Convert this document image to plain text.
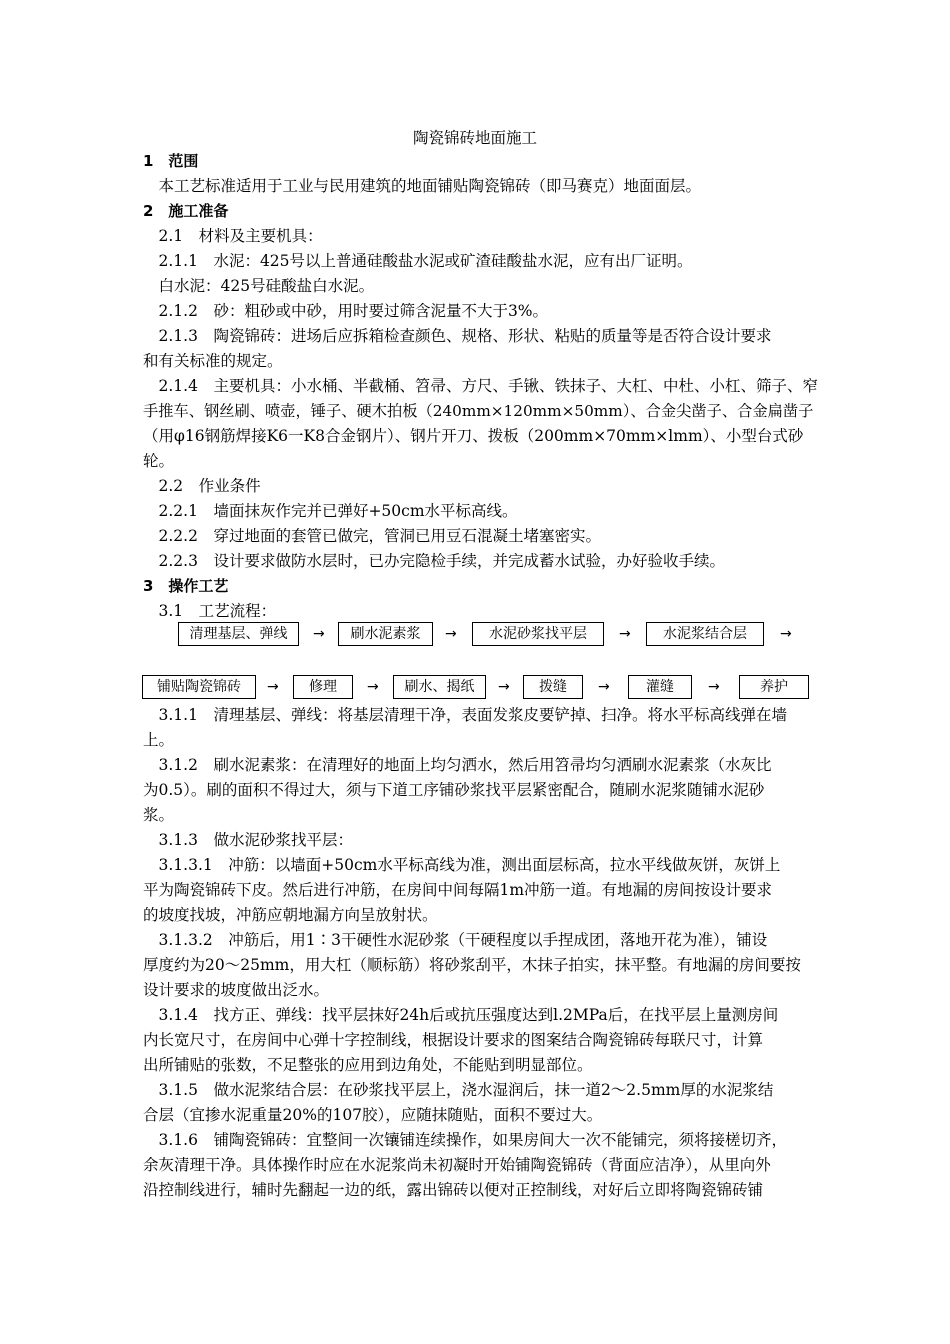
陶瓷锦砖地面施工
1　范围
　本工艺标准适用于工业与民用建筑的地面铺贴陶瓷锦砖（即马赛克）地面面层。
2　施工准备
　2.1　材料及主要机具：
　2.1.1　水泥：425号以上普通硅酸盐水泥或矿渣硅酸盐水泥，应有出厂证明。
　白水泥：425号硅酸盐白水泥。
　2.1.2　砂：粗砂或中砂，用时要过筛含泥量不大于3%。
　2.1.3　陶瓷锦砖：进场后应拆箱检查颜色、规格、形状、粘贴的质量等是否符合设计要求
和有关标准的规定。
　2.1.4　主要机具：小水桶、半截桶、笤帚、方尺、手锹、铁抹子、大杠、中杜、小杠、筛子、窄
手推车、钢丝刷、喷壶，锤子、硬木拍板（240mm×120mm×50mm）、合金尖凿子、合金扁凿子
（用φ16钢筋焊接K6一K8合金钢片）、钢片开刀、拨板（200mm×70mm×lmm）、小型台式砂
轮。
　2.2　作业条件
　2.2.1　墙面抹灰作完并已弹好+50cm水平标高线。
　2.2.2　穿过地面的套管已做完，管洞已用豆石混凝土堵塞密实。
　2.2.3　设计要求做防水层时，已办完隐检手续，并完成蓄水试验，办好验收手续。
3　操作工艺
　3.1　工艺流程：
清理基层、弹线	→	刷水泥素浆	→	水泥砂浆找平层	→	水泥浆结合层	→
铺贴陶瓷锦砖	→	修理	→	刷水、揭纸	→	拨缝	→	灌缝	→	养护
　3.1.1　清理基层、弹线：将基层清理干净，表面发浆皮要铲掉、扫净。将水平标高线弹在墙
上。
　3.1.2　刷水泥素浆：在清理好的地面上均匀洒水，然后用笤帚均匀洒刷水泥素浆（水灰比
为0.5）。刷的面积不得过大，须与下道工序铺砂浆找平层紧密配合，随刷水泥浆随铺水泥砂
浆。
　3.1.3　做水泥砂浆找平层：
　3.1.3.1　冲筋：以墙面+50cm水平标高线为准，测出面层标高，拉水平线做灰饼，灰饼上
平为陶瓷锦砖下皮。然后进行冲筋，在房间中间每隔1m冲筋一道。有地漏的房间按设计要求
的坡度找坡，冲筋应朝地漏方向呈放射状。
　3.1.3.2　冲筋后，用1∶3干硬性水泥砂浆（干硬程度以手捏成团，落地开花为准），铺设
厚度约为20～25mm，用大杠（顺标筋）将砂浆刮平，木抹子拍实，抹平整。有地漏的房间要按
设计要求的坡度做出泛水。
　3.1.4　找方正、弹线：找平层抹好24h后或抗压强度达到l.2MPa后，在找平层上量测房间
内长宽尺寸，在房间中心弹十字控制线，根据设计要求的图案结合陶瓷锦砖每联尺寸，计算
出所铺贴的张数，不足整张的应用到边角处，不能贴到明显部位。
　3.1.5　做水泥浆结合层：在砂浆找平层上，浇水湿润后，抹一道2～2.5mm厚的水泥浆结
合层（宜掺水泥重量20%的107胶），应随抹随贴，面积不要过大。
　3.1.6　铺陶瓷锦砖：宜整间一次镶铺连续操作，如果房间大一次不能铺完，须将接槎切齐，
余灰清理干净。具体操作时应在水泥浆尚未初凝时开始铺陶瓷锦砖（背面应洁净），从里向外
沿控制线进行，辅时先翻起一边的纸，露出锦砖以便对正控制线，对好后立即将陶瓷锦砖铺
